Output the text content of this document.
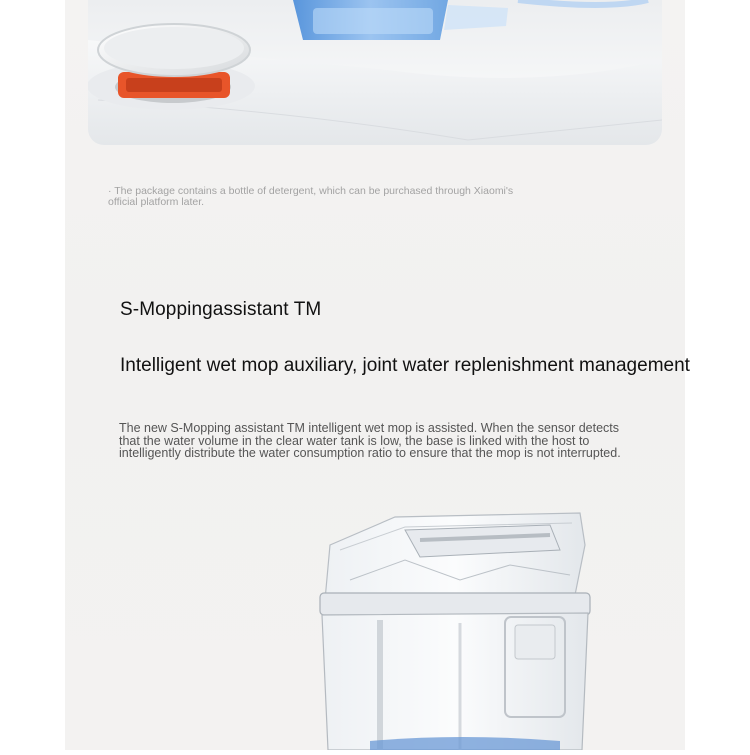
· The package contains a bottle of detergent, which can be purchased through Xiaomi's official platform later.
S-Moppingassistant TM
Intelligent wet mop auxiliary, joint water replenishment management
The new S-Mopping assistant TM intelligent wet mop is assisted. When the sensor detects that the water volume in the clear water tank is low, the base is linked with the host to intelligently distribute the water consumption ratio to ensure that the mop is not interrupted.
